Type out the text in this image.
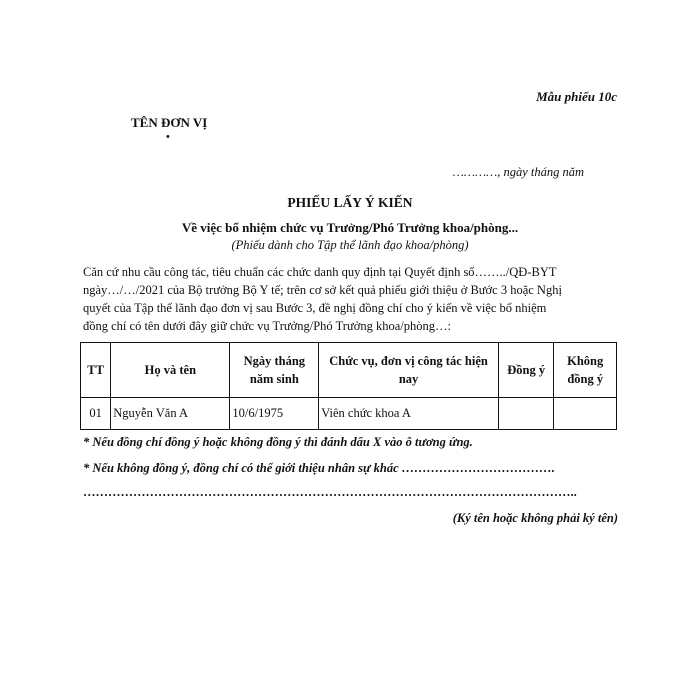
Mẫu phiếu 10c
TÊN ĐƠN VỊ
•
…………, ngày tháng năm
PHIẾU LẤY Ý KIẾN
Về việc bổ nhiệm chức vụ Trưởng/Phó Trưởng khoa/phòng...
(Phiếu dành cho Tập thể lãnh đạo khoa/phòng)
Căn cứ nhu cầu công tác, tiêu chuẩn các chức danh quy định tại Quyết định số……../QĐ-BYT
ngày…/…/2021 của Bộ trưởng Bộ Y tế; trên cơ sở kết quả phiếu giới thiệu ở Bước 3 hoặc Nghị
quyết của Tập thể lãnh đạo đơn vị sau Bước 3, đề nghị đồng chí cho ý kiến về việc bổ nhiệm
đồng chí có tên dưới đây giữ chức vụ Trưởng/Phó Trưởng khoa/phòng…:
TT	Họ và tên	Ngày tháng năm sinh	Chức vụ, đơn vị công tác hiện nay	Đồng ý	Không đồng ý
01	Nguyễn Văn A	10/6/1975	Viên chức khoa A		
* Nếu đồng chí đồng ý hoặc không đồng ý thì đánh dấu X vào ô tương ứng.
* Nếu không đồng ý, đồng chí có thể giới thiệu nhân sự khác ……………………………….
………………………………………………………………………………………………………..
(Ký tên hoặc không phải ký tên)
